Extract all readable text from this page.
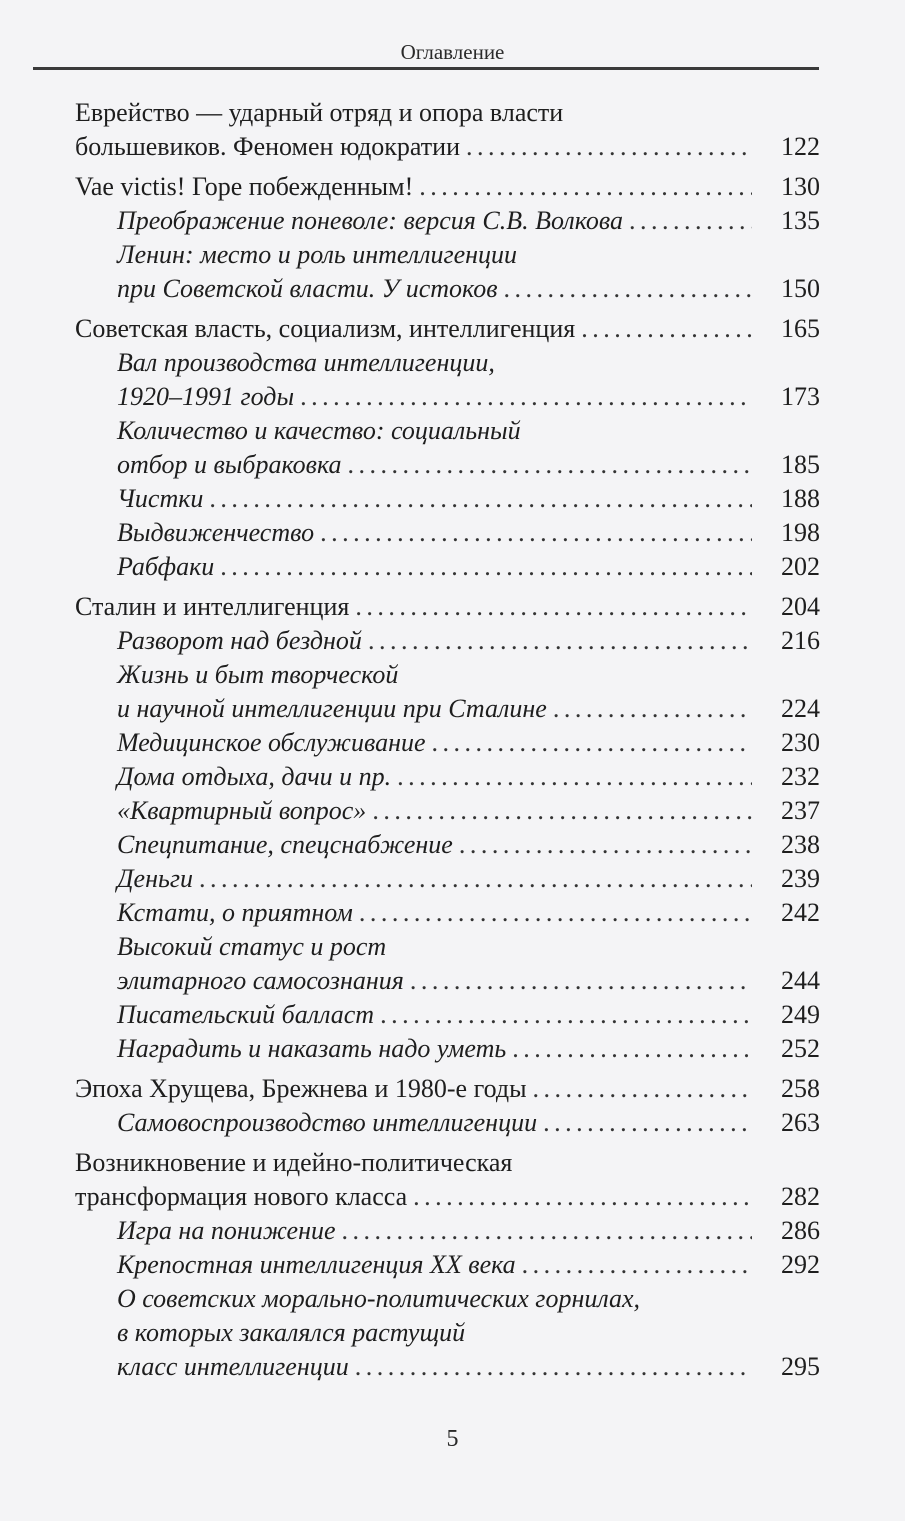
Оглавление
Еврейство — ударный отряд и опора власти
большевиков. Феномен юдократии . . .	122
Vae victis! Горе побежденным! . . .	130
Преображение поневоле: версия С.В. Волкова . . .	135
Ленин: место и роль интеллигенции
при Советской власти. У истоков . . .	150
Советская власть, социализм, интеллигенция . . .	165
Вал производства интеллигенции,
1920–1991 годы . . .	173
Количество и качество: социальный
отбор и выбраковка . . .	185
Чистки . . .	188
Выдвиженчество . . .	198
Рабфаки . . .	202
Сталин и интеллигенция . . .	204
Разворот над бездной . . .	216
Жизнь и быт творческой
и научной интеллигенции при Сталине . . .	224
Медицинское обслуживание . . .	230
Дома отдыха, дачи и пр. . . .	232
«Квартирный вопрос» . . .	237
Спецпитание, спецснабжение . . .	238
Деньги . . .	239
Кстати, о приятном . . .	242
Высокий статус и рост
элитарного самосознания . . .	244
Писательский балласт . . .	249
Наградить и наказать надо уметь . . .	252
Эпоха Хрущева, Брежнева и 1980-е годы . . .	258
Самовоспроизводство интеллигенции . . .	263
Возникновение и идейно-политическая
трансформация нового класса . . .	282
Игра на понижение . . .	286
Крепостная интеллигенция XX века . . .	292
О советских морально-политических горнилах,
в которых закалялся растущий
класс интеллигенции . . .	295
5
